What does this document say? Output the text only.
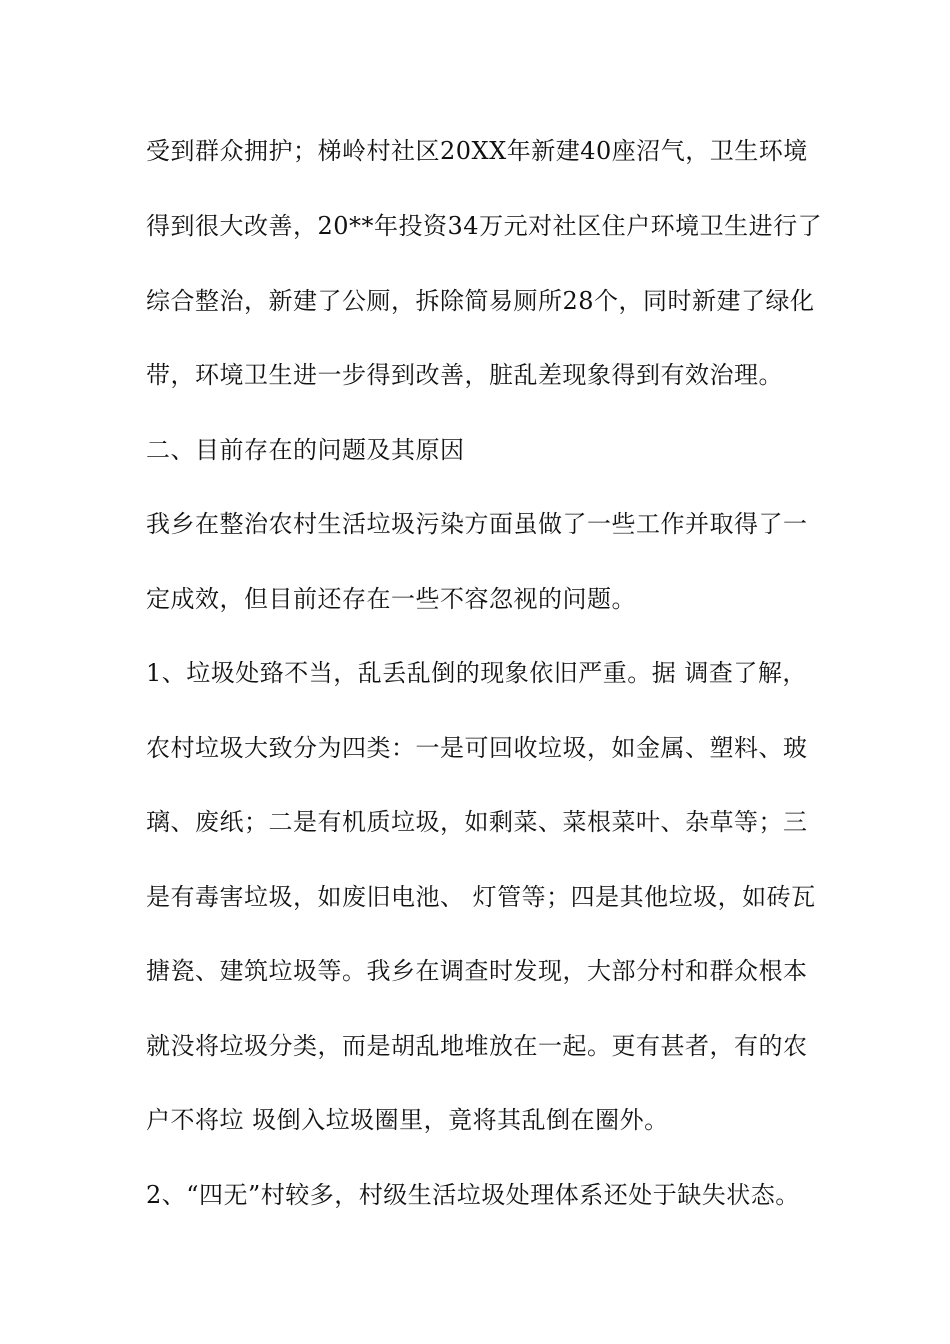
受到群众拥护；梯岭村社区20XX年新建40座沼气，卫生环境
得到很大改善，20**年投资34万元对社区住户环境卫生进行了
综合整治，新建了公厕，拆除简易厕所28个，同时新建了绿化
带，环境卫生进一步得到改善，脏乱差现象得到有效治理。
二、目前存在的问题及其原因
我乡在整治农村生活垃圾污染方面虽做了一些工作并取得了一
定成效，但目前还存在一些不容忽视的问题。
1、垃圾处臵不当，乱丢乱倒的现象依旧严重。据 调查了解，
农村垃圾大致分为四类：一是可回收垃圾，如金属、塑料、玻
璃、废纸；二是有机质垃圾，如剩菜、菜根菜叶、杂草等；三
是有毒害垃圾，如废旧电池、 灯管等；四是其他垃圾，如砖瓦
搪瓷、建筑垃圾等。我乡在调查时发现，大部分村和群众根本
就没将垃圾分类，而是胡乱地堆放在一起。更有甚者，有的农
户不将垃 圾倒入垃圾圈里，竟将其乱倒在圈外。
2、“四无”村较多，村级生活垃圾处理体系还处于缺失状态。
